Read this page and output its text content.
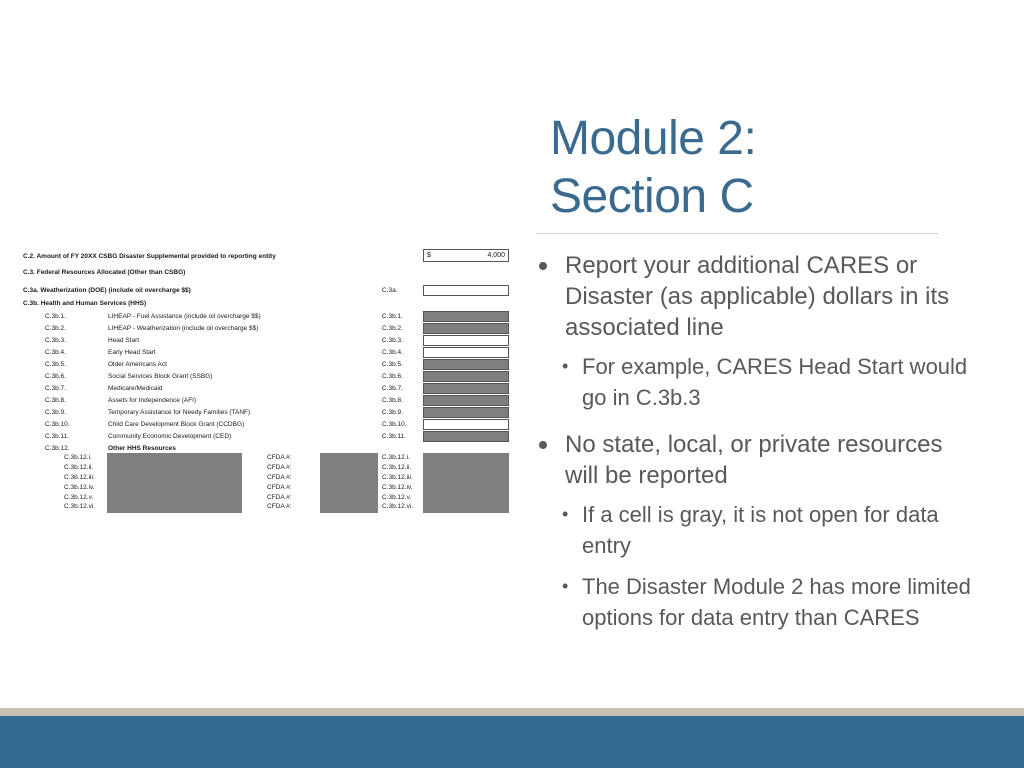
Module 2:
Section C
C.2. Amount of FY 20XX CSBG Disaster Supplemental provided to reporting entity	$	4,000
C.3. Federal Resources Allocated (Other than CSBG)
C.3a. Weatherization (DOE) (include oil overcharge $$)	C.3a.
C.3b. Health and Human Services (HHS)
C.3b.1.	LIHEAP - Fuel Assistance (include oil overcharge $$)	C.3b.1.
C.3b.2.	LIHEAP - Weatherization (include oil overcharge $$)	C.3b.2.
C.3b.3.	Head Start	C.3b.3.
C.3b.4.	Early Head Start	C.3b.4.
C.3b.5.	Older Americans Act	C.3b.5.
C.3b.6.	Social Services Block Grant (SSBG)	C.3b.6.
C.3b.7.	Medicare/Medicaid	C.3b.7.
C.3b.8.	Assets for Independence (AFI)	C.3b.8.
C.3b.9.	Temporary Assistance for Needy Families (TANF)	C.3b.9.
C.3b.10.	Child Care Development Block Grant (CCDBG)	C.3b.10.
C.3b.11.	Community Economic Development (CED)	C.3b.11.
C.3b.12.	Other HHS Resources
C.3b.12.i.	CFDA #:	C.3b.12.i.
C.3b.12.ii.	CFDA #:	C.3b.12.ii.
C.3b.12.iii.	CFDA #:	C.3b.12.iii.
C.3b.12.iv.	CFDA #:	C.3b.12.iv.
C.3b.12.v.	CFDA #:	C.3b.12.v.
C.3b.12.vi.	CFDA #:	C.3b.12.vi.
Report your additional CARES or Disaster (as applicable) dollars in its associated line
• For example, CARES Head Start would go in C.3b.3
No state, local, or private resources will be reported
• If a cell is gray, it is not open for data entry
• The Disaster Module 2 has more limited options for data entry than CARES
